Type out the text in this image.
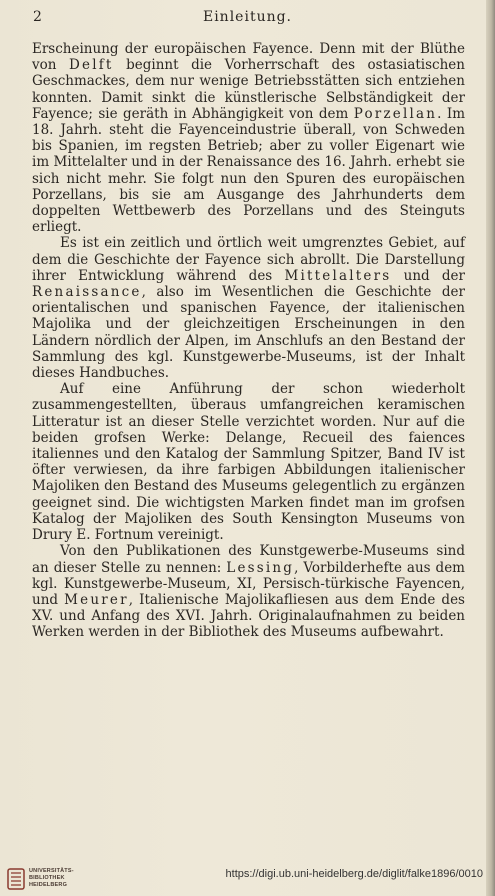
2	Einleitung.

Erscheinung der europäischen Fayence. Denn mit der Blüthe von Delft beginnt die Vorherrschaft des ostasiatischen Geschmackes, dem nur wenige Betriebsstätten sich entziehen konnten. Damit sinkt die künstlerische Selbständigkeit der Fayence; sie geräth in Abhängigkeit von dem Porzellan. Im 18. Jahrh. steht die Fayenceindustrie überall, von Schweden bis Spanien, im regsten Betrieb; aber zu voller Eigenart wie im Mittelalter und in der Renaissance des 16. Jahrh. erhebt sie sich nicht mehr. Sie folgt nun den Spuren des europäischen Porzellans, bis sie am Ausgange des Jahrhunderts dem doppelten Wettbewerb des Porzellans und des Steinguts erliegt.

Es ist ein zeitlich und örtlich weit umgrenztes Gebiet, auf dem die Geschichte der Fayence sich abrollt. Die Darstellung ihrer Entwicklung während des Mittelalters und der Renaissance, also im Wesentlichen die Geschichte der orientalischen und spanischen Fayence, der italienischen Majolika und der gleichzeitigen Erscheinungen in den Ländern nördlich der Alpen, im Anschlufs an den Bestand der Sammlung des kgl. Kunstgewerbe-Museums, ist der Inhalt dieses Handbuches.

Auf eine Anführung der schon wiederholt zusammengestellten, überaus umfangreichen keramischen Litteratur ist an dieser Stelle verzichtet worden. Nur auf die beiden grofsen Werke: Delange, Recueil des faiences italiennes und den Katalog der Sammlung Spitzer, Band IV ist öfter verwiesen, da ihre farbigen Abbildungen italienischer Majoliken den Bestand des Museums gelegentlich zu ergänzen geeignet sind. Die wichtigsten Marken findet man im grofsen Katalog der Majoliken des South Kensington Museums von Drury E. Fortnum vereinigt.

Von den Publikationen des Kunstgewerbe-Museums sind an dieser Stelle zu nennen: Lessing, Vorbilderhefte aus dem kgl. Kunstgewerbe-Museum, XI, Persisch-türkische Fayencen, und Meurer, Italienische Majolikafliesen aus dem Ende des XV. und Anfang des XVI. Jahrh. Originalaufnahmen zu beiden Werken werden in der Bibliothek des Museums aufbewahrt.

UNIVERSITÄTS-
BIBLIOTHEK
HEIDELBERG
https://digi.ub.uni-heidelberg.de/diglit/falke1896/0010
